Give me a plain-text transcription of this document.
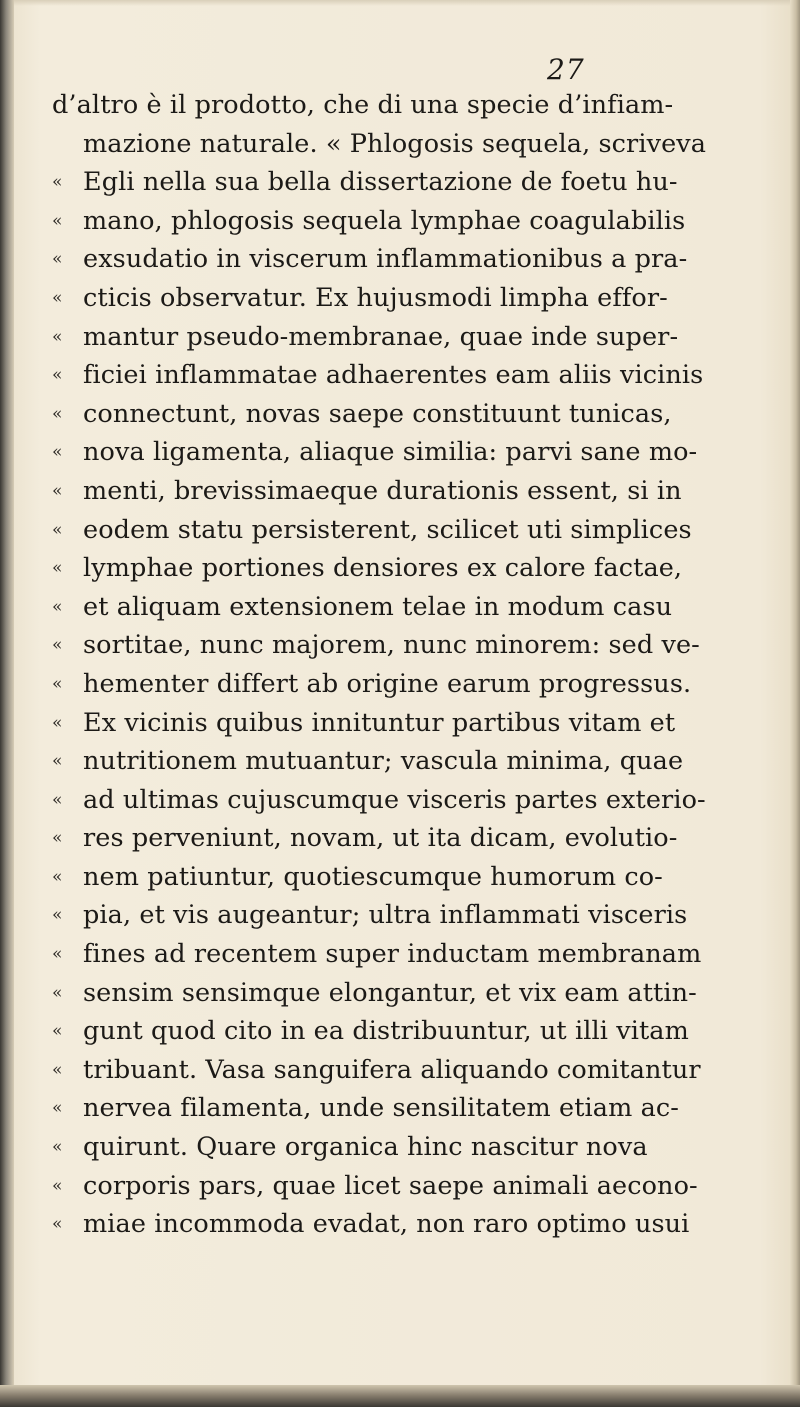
27
d’altro è il prodotto, che di una specie d’infiam-
mazione naturale. « Phlogosis sequela, scriveva
« Egli nella sua bella dissertazione de foetu hu-
« mano, phlogosis sequela lymphae coagulabilis
« exsudatio in viscerum inflammationibus a pra-
« cticis observatur. Ex hujusmodi limpha effor-
« mantur pseudo-membranae, quae inde super-
« ficiei inflammatae adhaerentes eam aliis vicinis
« connectunt, novas saepe constituunt tunicas,
« nova ligamenta, aliaque similia: parvi sane mo-
« menti, brevissimaeque durationis essent, si in
« eodem statu persisterent, scilicet uti simplices
« lymphae portiones densiores ex calore factae,
« et aliquam extensionem telae in modum casu
« sortitae, nunc majorem, nunc minorem: sed ve-
« hementer differt ab origine earum progressus.
« Ex vicinis quibus innituntur partibus vitam et
« nutritionem mutuantur; vascula minima, quae
« ad ultimas cujuscumque visceris partes exterio-
« res perveniunt, novam, ut ita dicam, evolutio-
« nem patiuntur, quotiescumque humorum co-
« pia, et vis augeantur; ultra inflammati visceris
« fines ad recentem super inductam membranam
« sensim sensimque elongantur, et vix eam attin-
« gunt quod cito in ea distribuuntur, ut illi vitam
« tribuant. Vasa sanguifera aliquando comitantur
« nervea filamenta, unde sensilitatem etiam ac-
« quirunt. Quare organica hinc nascitur nova
« corporis pars, quae licet saepe animali aecono-
« miae incommoda evadat, non raro optimo usui
